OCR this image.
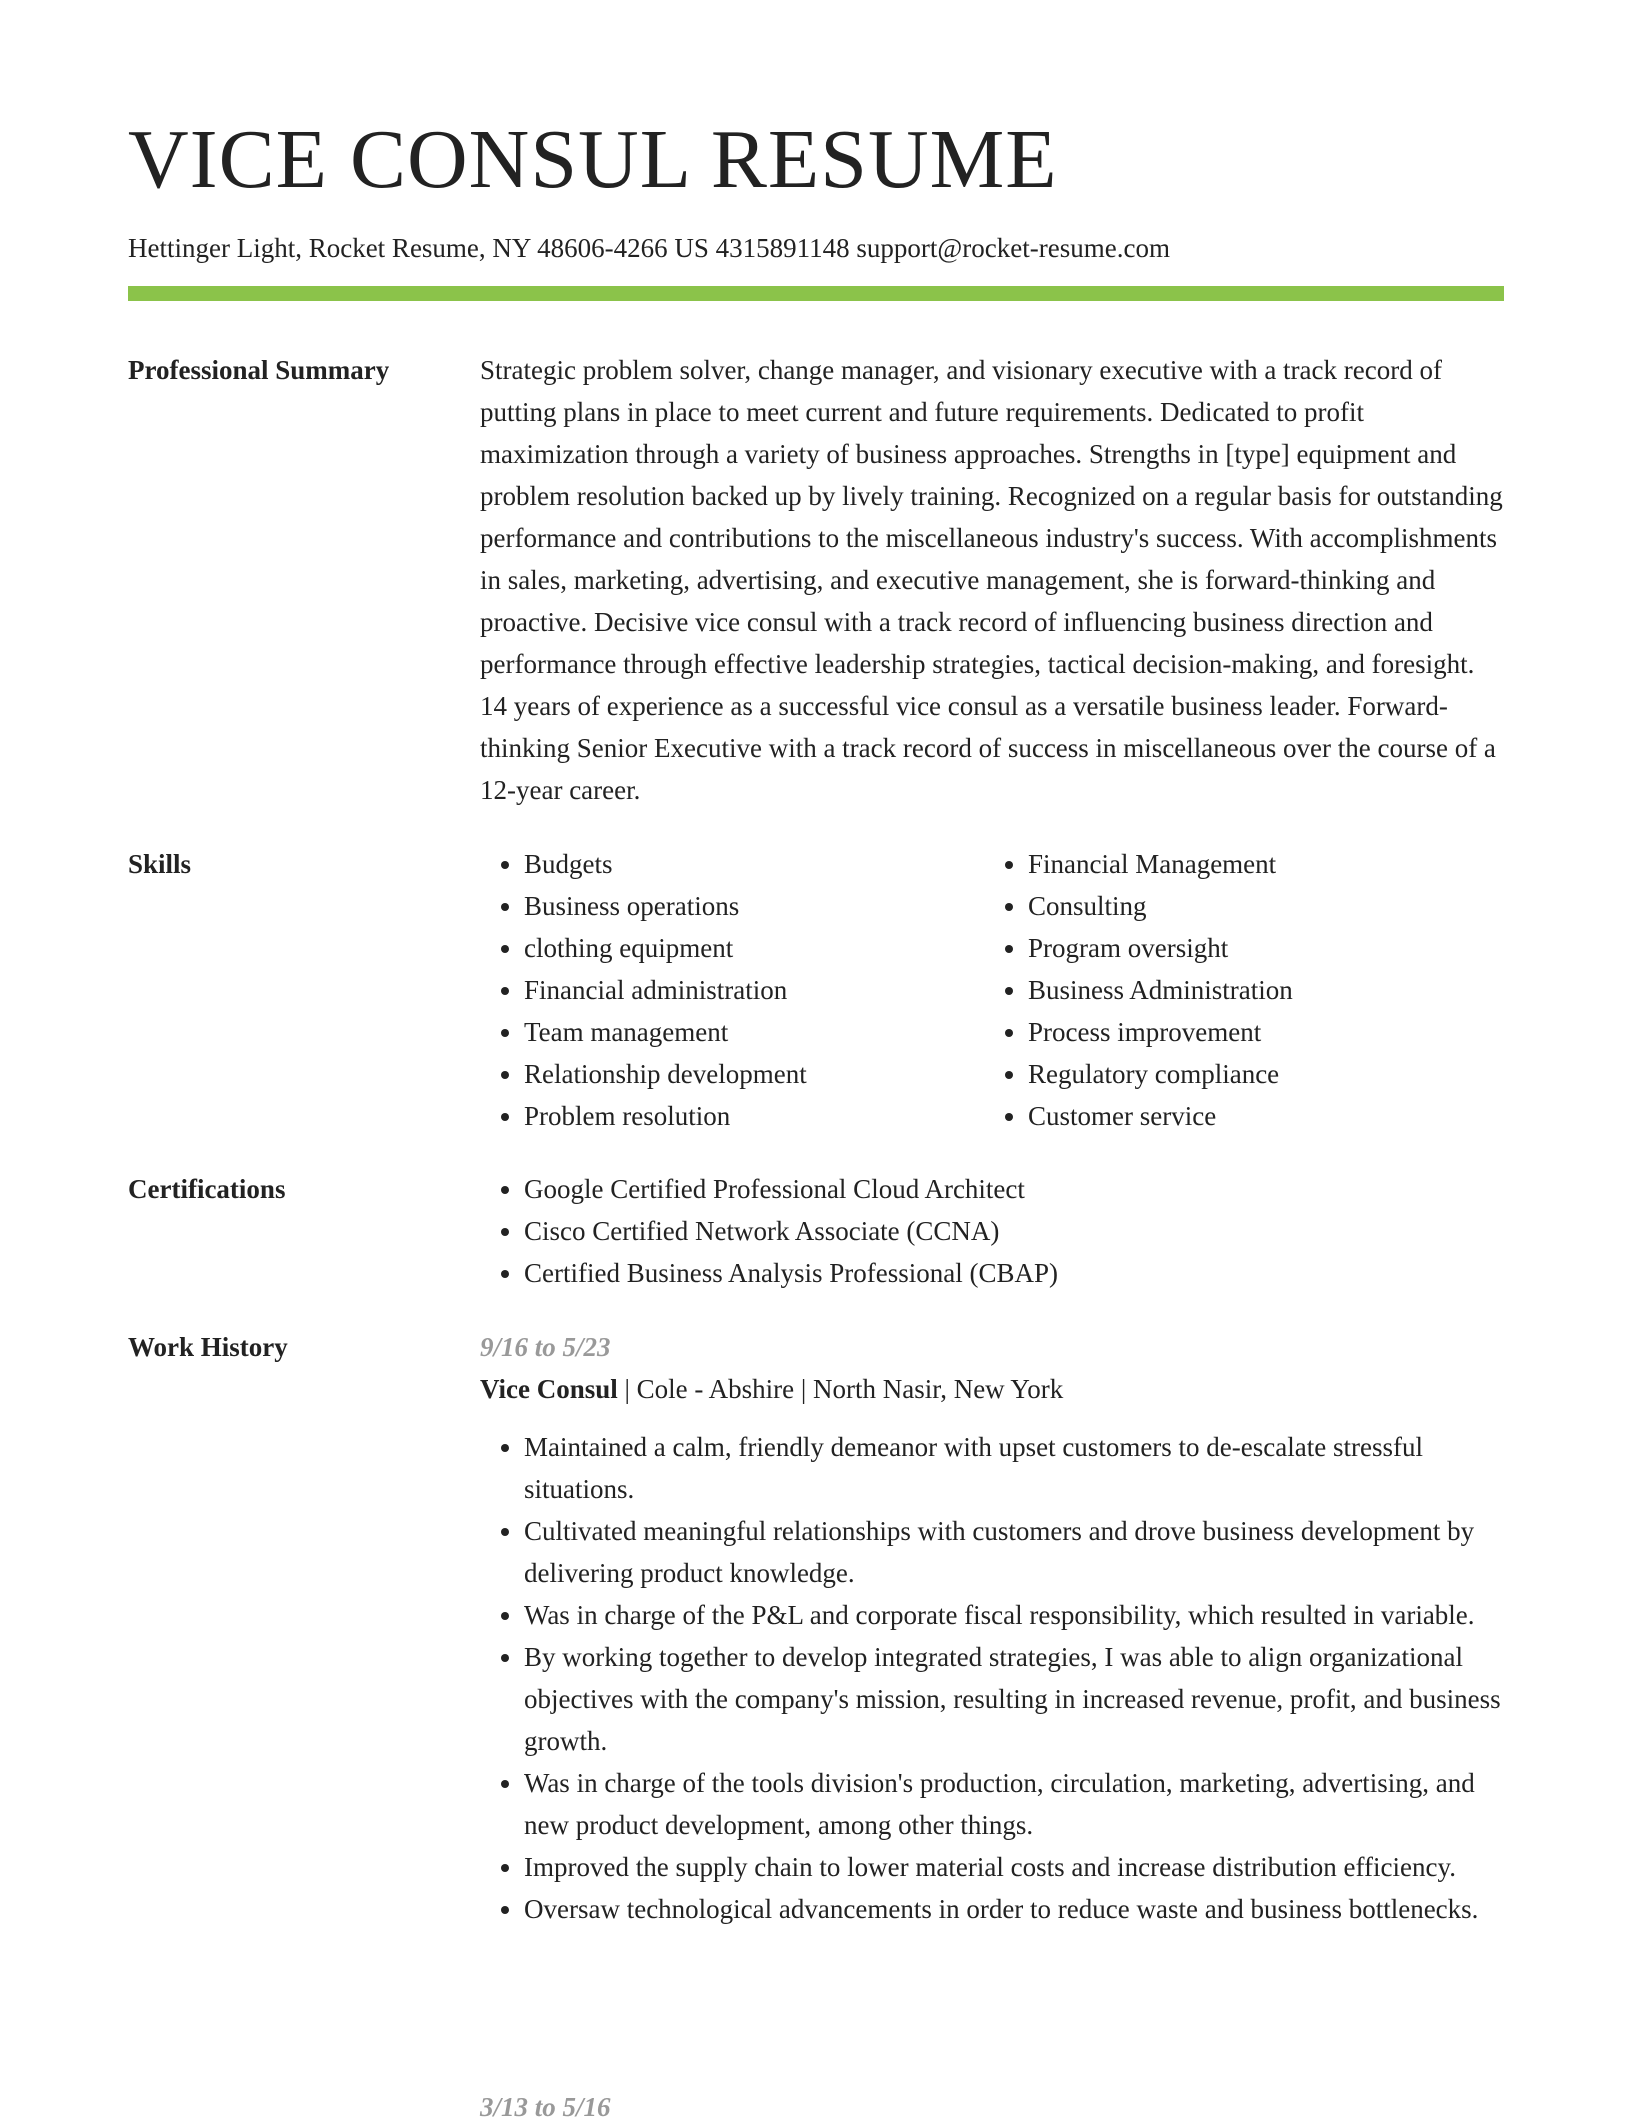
VICE CONSUL RESUME
Hettinger Light, Rocket Resume, NY 48606-4266 US 4315891148 support@rocket-resume.com
Professional Summary	Strategic problem solver, change manager, and visionary executive with a track record of putting plans in place to meet current and future requirements. Dedicated to profit maximization through a variety of business approaches. Strengths in [type] equipment and problem resolution backed up by lively training. Recognized on a regular basis for outstanding performance and contributions to the miscellaneous industry's success. With accomplishments in sales, marketing, advertising, and executive management, she is forward-thinking and proactive. Decisive vice consul with a track record of influencing business direction and performance through effective leadership strategies, tactical decision-making, and foresight. 14 years of experience as a successful vice consul as a versatile business leader. Forward-thinking Senior Executive with a track record of success in miscellaneous over the course of a 12-year career.

Skills	• Budgets
• Business operations
• clothing equipment
• Financial administration
• Team management
• Relationship development
• Problem resolution
• Financial Management
• Consulting
• Program oversight
• Business Administration
• Process improvement
• Regulatory compliance
• Customer service
Certifications	• Google Certified Professional Cloud Architect
• Cisco Certified Network Associate (CCNA)
• Certified Business Analysis Professional (CBAP)
Work History	9/16 to 5/23
Vice Consul | Cole - Abshire | North Nasir, New York
• Maintained a calm, friendly demeanor with upset customers to de-escalate stressful situations.
• Cultivated meaningful relationships with customers and drove business development by delivering product knowledge.
• Was in charge of the P&L and corporate fiscal responsibility, which resulted in variable.
• By working together to develop integrated strategies, I was able to align organizational objectives with the company's mission, resulting in increased revenue, profit, and business growth.
• Was in charge of the tools division's production, circulation, marketing, advertising, and new product development, among other things.
• Improved the supply chain to lower material costs and increase distribution efficiency.
• Oversaw technological advancements in order to reduce waste and business bottlenecks.
3/13 to 5/16
